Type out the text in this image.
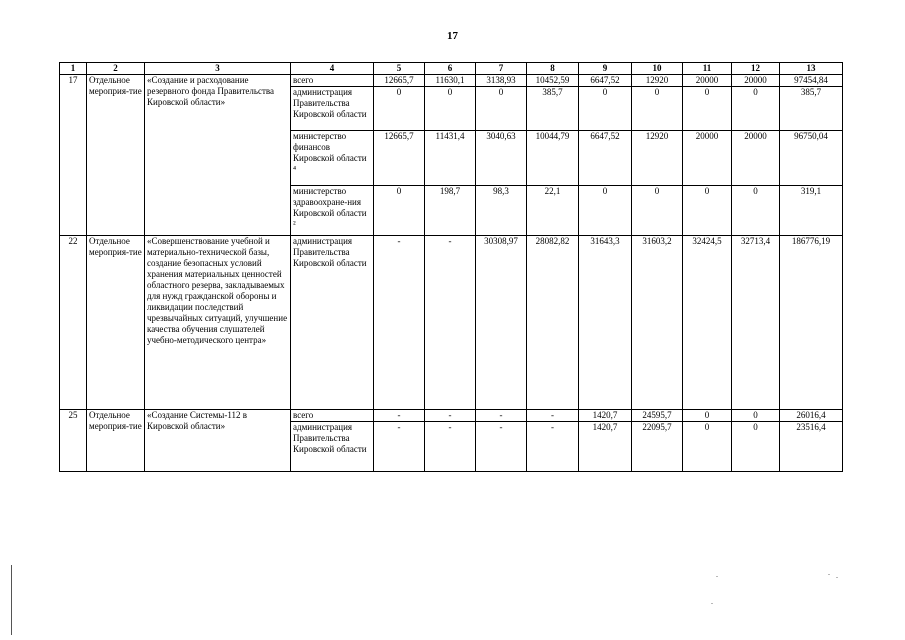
17
1	2	3	4	5	6	7	8	9	10	11	12	13
17	Отдельное мероприя-тие	«Создание и расходование резервного фонда Правительства Кировской области»	всего	12665,7	11630,1	3138,93	10452,59	6647,52	12920	20000	20000	97454,84
			администрация Правительства Кировской области	0	0	0	385,7	0	0	0	0	385,7
			министерство финансов Кировской области ⁴	12665,7	11431,4	3040,63	10044,79	6647,52	12920	20000	20000	96750,04
			министерство здравоохране-ния Кировской области ²	0	198,7	98,3	22,1	0	0	0	0	319,1
22	Отдельное мероприя-тие	«Совершенствование учебной и материально-технической базы, создание безопасных условий хранения материальных ценностей областного резерва, закладываемых для нужд гражданской обороны и ликвидации последствий чрезвычайных ситуаций, улучшение качества обучения слушателей учебно-методического центра»	администрация Правительства Кировской области	-	-	30308,97	28082,82	31643,3	31603,2	32424,5	32713,4	186776,19
25	Отдельное мероприя-тие	«Создание Системы-112 в Кировской области»	всего	-	-	-	-	1420,7	24595,7	0	0	26016,4
			администрация Правительства Кировской области	-	-	-	-	1420,7	22095,7	0	0	23516,4
